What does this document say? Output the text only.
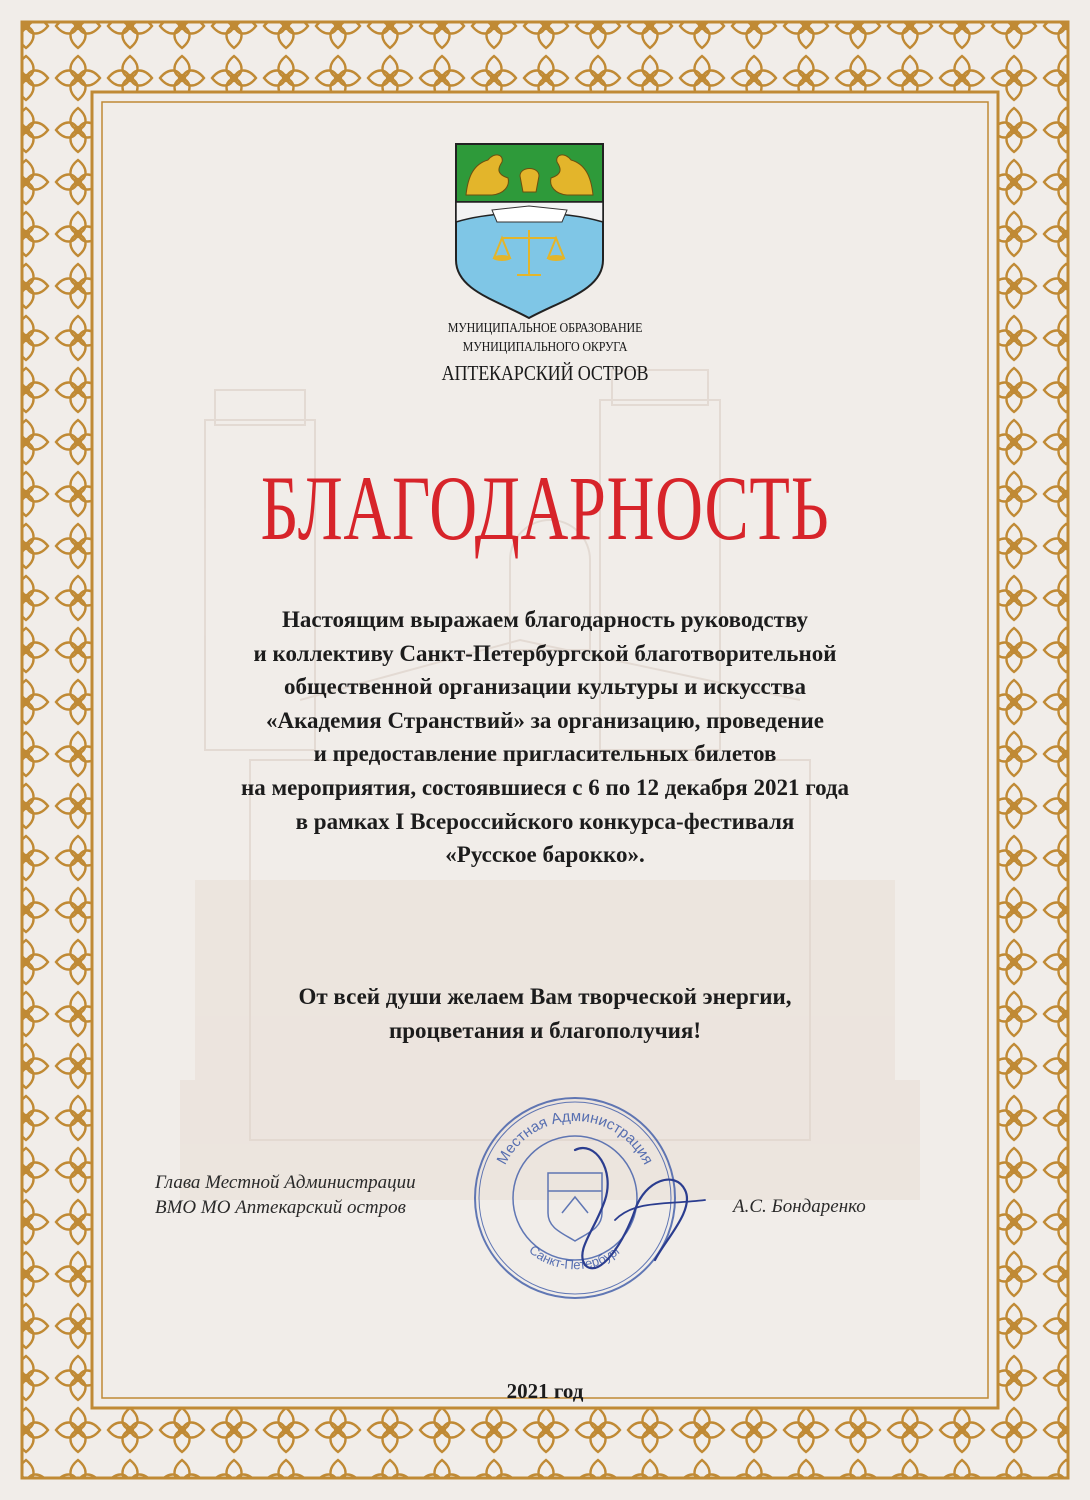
МУНИЦИПАЛЬНОЕ ОБРАЗОВАНИЕ
МУНИЦИПАЛЬНОГО ОКРУГА
АПТЕКАРСКИЙ ОСТРОВ
БЛАГОДАРНОСТЬ
Настоящим выражаем благодарность руководству
и коллективу Санкт-Петербургской благотворительной
общественной организации культуры и искусства
«Академия Странствий» за организацию, проведение
и предоставление пригласительных билетов
на мероприятия, состоявшиеся с 6 по 12 декабря 2021 года
в рамках I Всероссийского конкурса-фестиваля
«Русское барокко».
От всей души желаем Вам творческой энергии,
процветания и благополучия!
Глава Местной Администрации
ВМО МО Аптекарский остров	А.С. Бондаренко
Местная Администрация
Санкт-Петербург
2021 год
